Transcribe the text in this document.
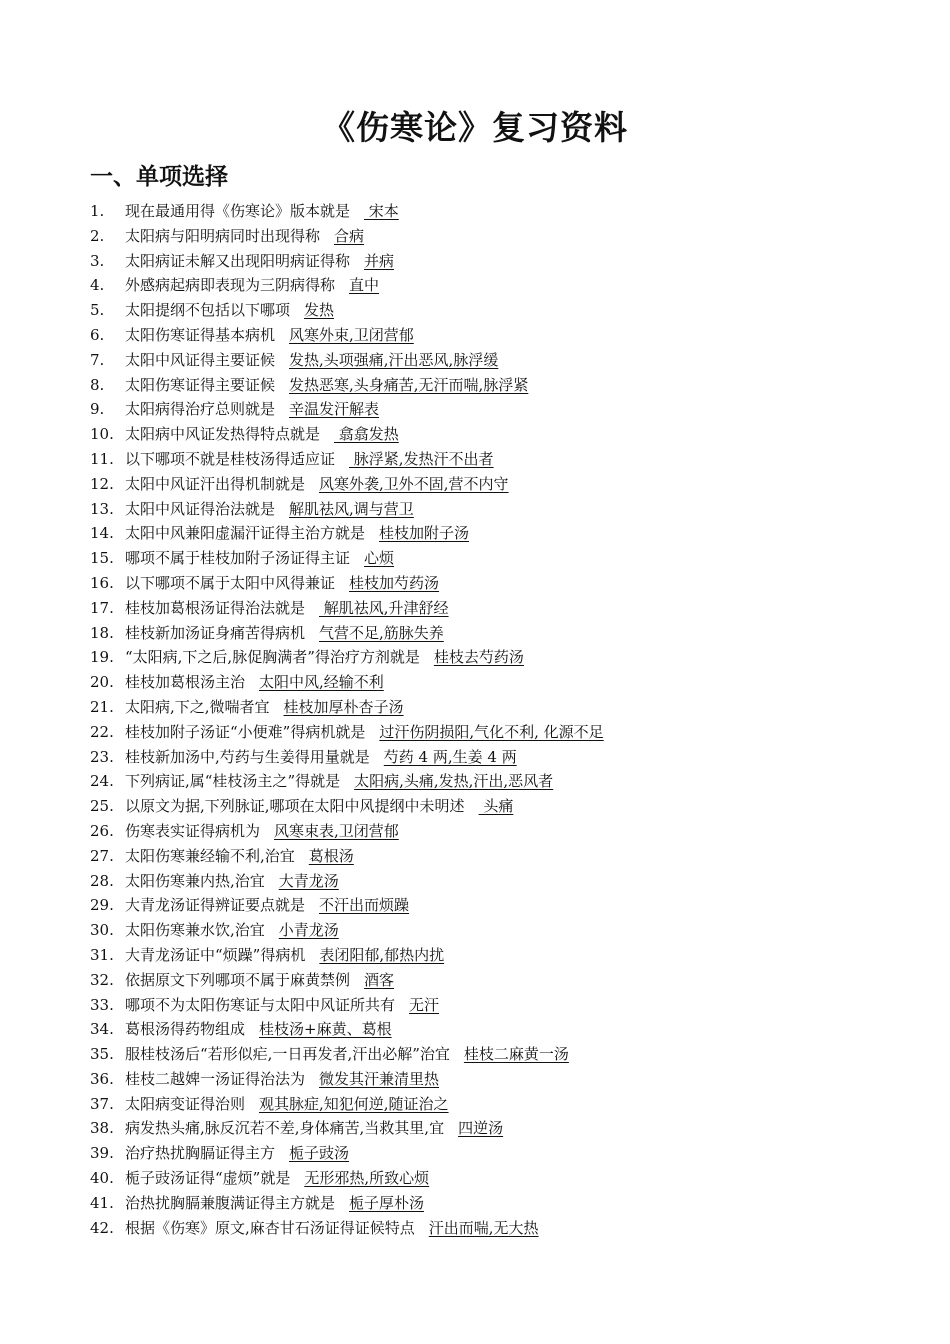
《伤寒论》复习资料
一、单项选择
1. 现在最通用得《伤寒论》版本就是 宋本
2. 太阳病与阳明病同时出现得称 合病
3. 太阳病证未解又出现阳明病证得称 并病
4. 外感病起病即表现为三阴病得称 直中
5. 太阳提纲不包括以下哪项 发热
6. 太阳伤寒证得基本病机 风寒外束,卫闭营郁
7. 太阳中风证得主要证候 发热,头项强痛,汗出恶风,脉浮缓
8. 太阳伤寒证得主要证候 发热恶寒,头身痛苦,无汗而喘,脉浮紧
9. 太阳病得治疗总则就是 辛温发汗解表
10. 太阳病中风证发热得特点就是 翕翕发热
11. 以下哪项不就是桂枝汤得适应证 脉浮紧,发热汗不出者
12. 太阳中风证汗出得机制就是 风寒外袭,卫外不固,营不内守
13. 太阳中风证得治法就是 解肌祛风,调与营卫
14. 太阳中风兼阳虚漏汗证得主治方就是 桂枝加附子汤
15. 哪项不属于桂枝加附子汤证得主证 心烦
16. 以下哪项不属于太阳中风得兼证 桂枝加芍药汤
17. 桂枝加葛根汤证得治法就是 解肌祛风,升津舒经
18. 桂枝新加汤证身痛苦得病机 气营不足,筋脉失养
19. “太阳病,下之后,脉促胸满者”得治疗方剂就是 桂枝去芍药汤
20. 桂枝加葛根汤主治 太阳中风,经输不利
21. 太阳病,下之,微喘者宜 桂枝加厚朴杏子汤
22. 桂枝加附子汤证“小便难”得病机就是 过汗伤阴损阳,气化不利, 化源不足
23. 桂枝新加汤中,芍药与生姜得用量就是 芍药 4 两,生姜 4 两
24. 下列病证,属“桂枝汤主之”得就是 太阳病,头痛,发热,汗出,恶风者
25. 以原文为据,下列脉证,哪项在太阳中风提纲中未明述 头痛
26. 伤寒表实证得病机为 风寒束表,卫闭营郁
27. 太阳伤寒兼经输不利,治宜 葛根汤
28. 太阳伤寒兼内热,治宜 大青龙汤
29. 大青龙汤证得辨证要点就是 不汗出而烦躁
30. 太阳伤寒兼水饮,治宜 小青龙汤
31. 大青龙汤证中“烦躁”得病机 表闭阳郁,郁热内扰
32. 依据原文下列哪项不属于麻黄禁例 酒客
33. 哪项不为太阳伤寒证与太阳中风证所共有 无汗
34. 葛根汤得药物组成 桂枝汤+麻黄、葛根
35. 服桂枝汤后“若形似疟,一日再发者,汗出必解”治宜 桂枝二麻黄一汤
36. 桂枝二越婢一汤证得治法为 微发其汗兼清里热
37. 太阳病变证得治则 观其脉症,知犯何逆,随证治之
38. 病发热头痛,脉反沉若不差,身体痛苦,当救其里,宜 四逆汤
39. 治疗热扰胸膈证得主方 栀子豉汤
40. 栀子豉汤证得“虚烦”就是 无形邪热,所致心烦
41. 治热扰胸膈兼腹满证得主方就是 栀子厚朴汤
42. 根据《伤寒》原文,麻杏甘石汤证得证候特点 汗出而喘,无大热
